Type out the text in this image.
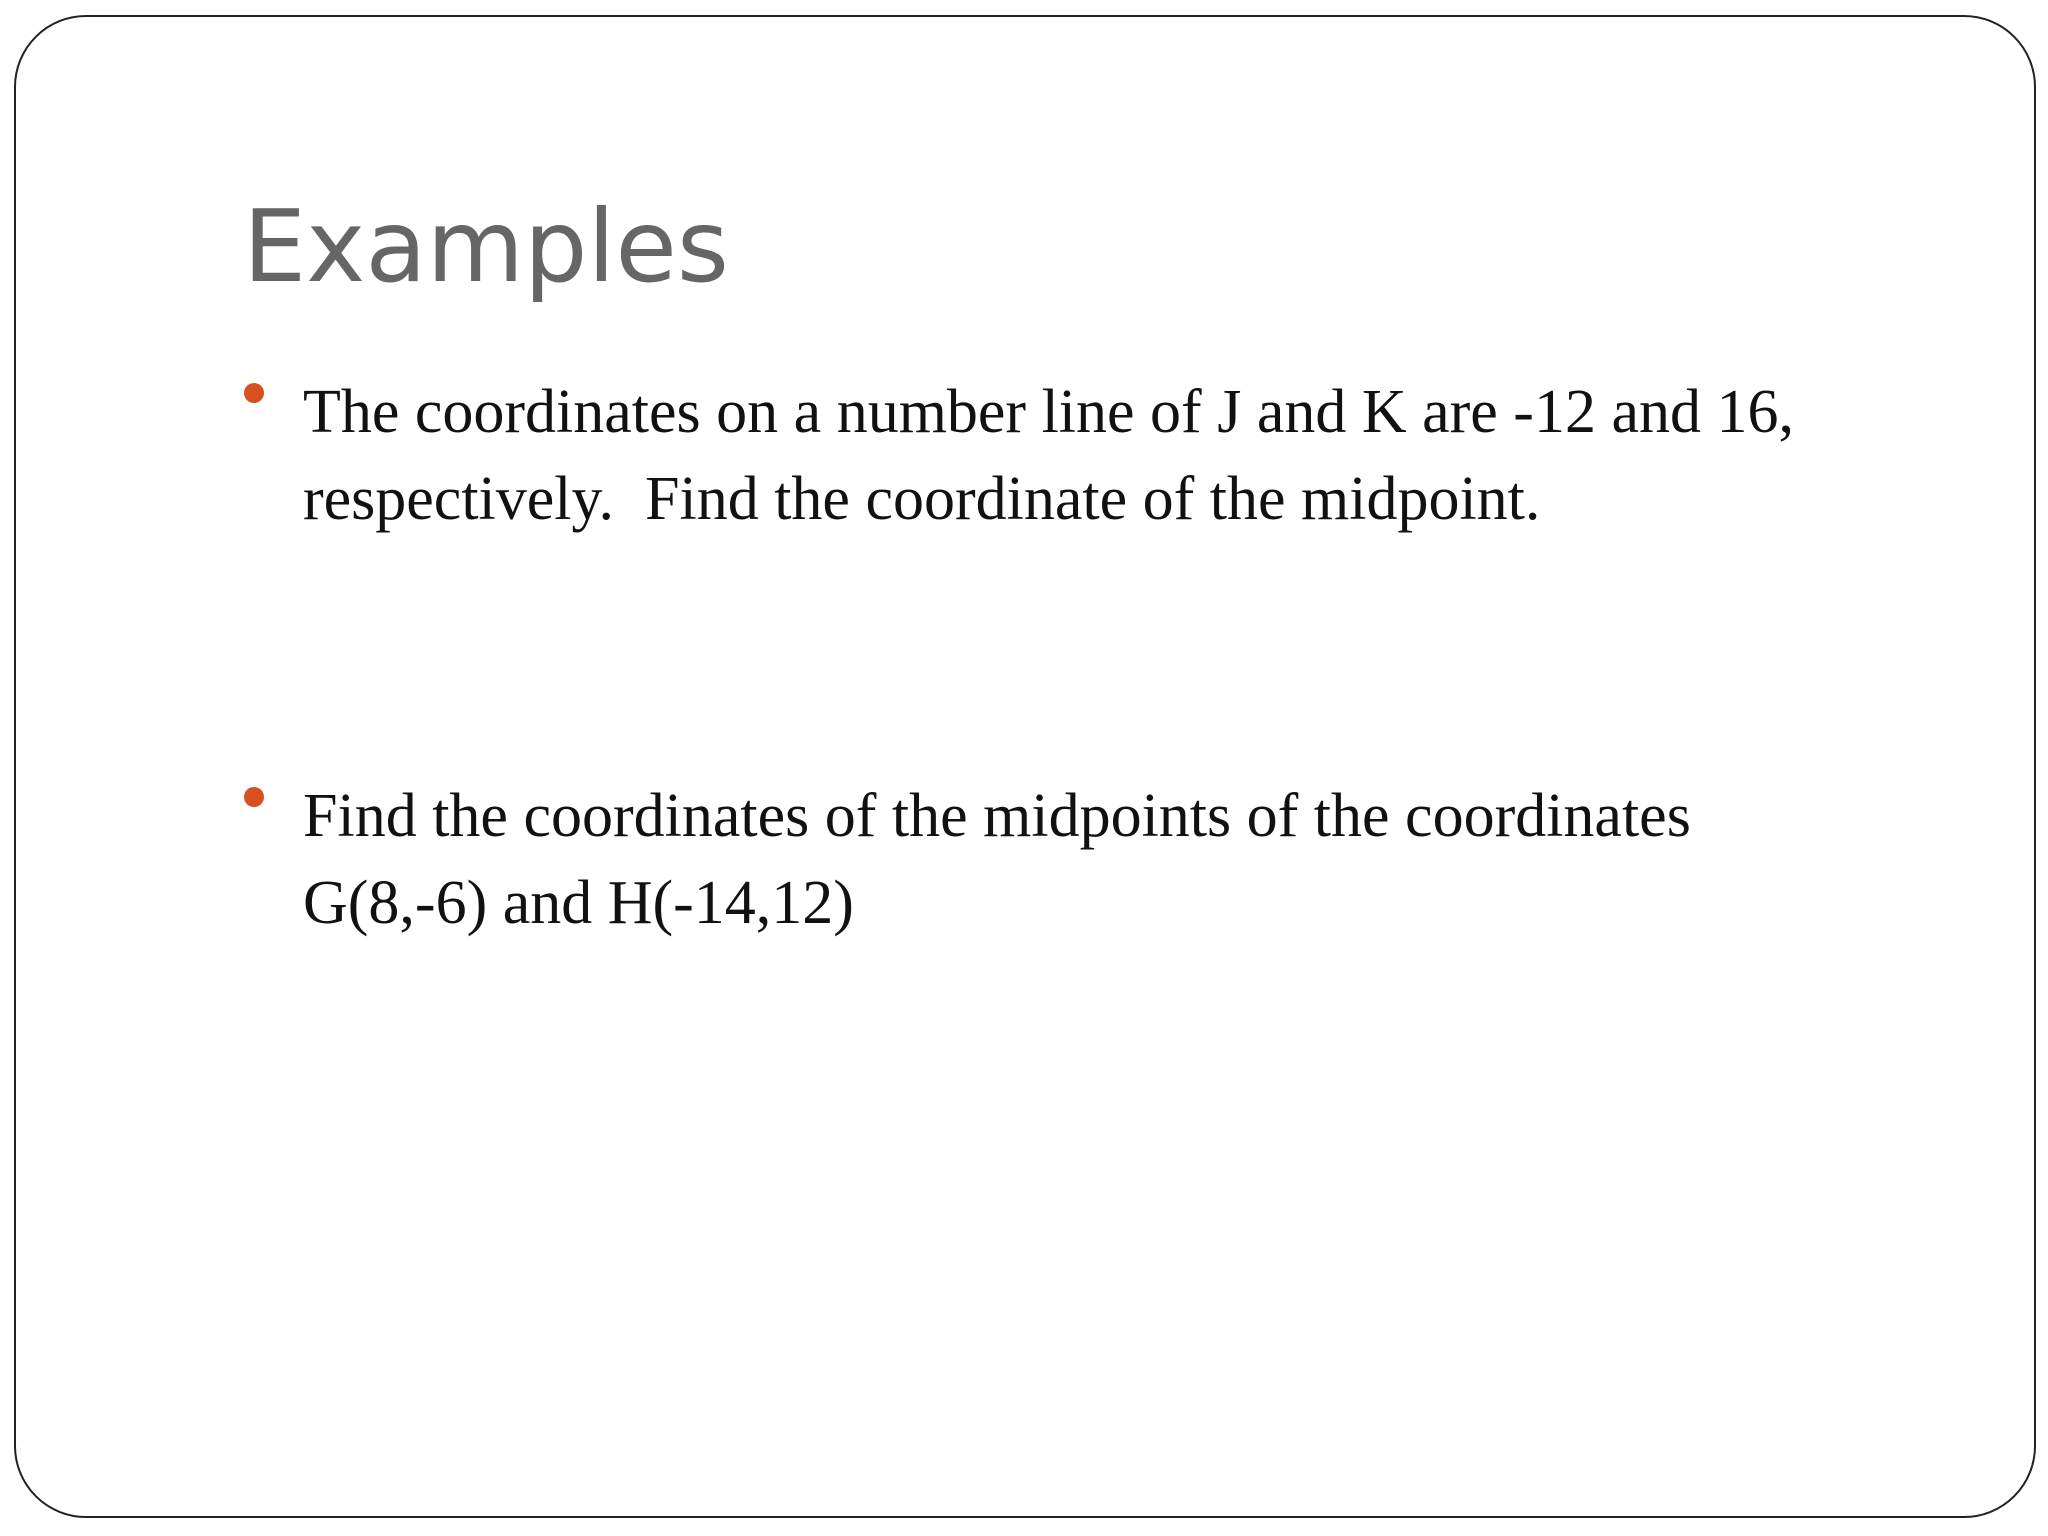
Examples
The coordinates on a number line of J and K are -12 and 16,
respectively.  Find the coordinate of the midpoint.
Find the coordinates of the midpoints of the coordinates
G(8,-6) and H(-14,12)
